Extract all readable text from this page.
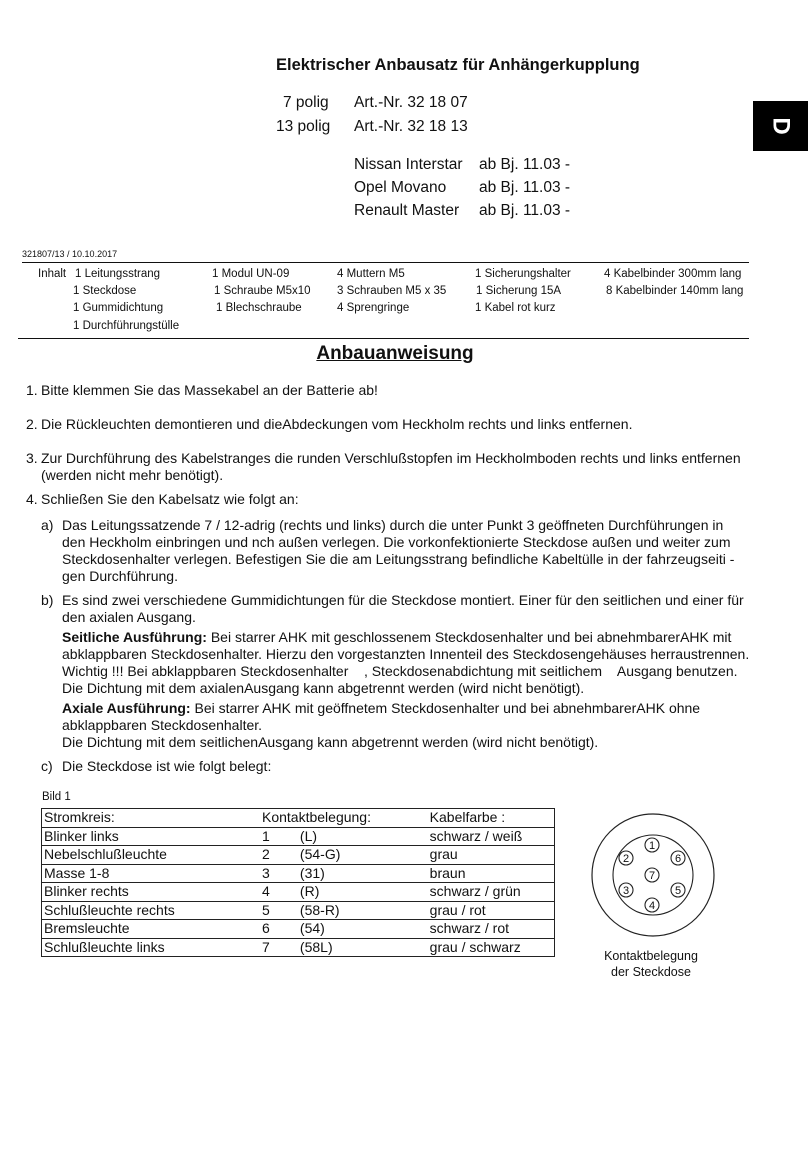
Elektrischer Anbausatz für Anhängerkupplung
7 polig Art.-Nr. 32 18 07
13 polig Art.-Nr. 32 18 13
Nissan Interstar ab Bj. 11.03 -
Opel Movano ab Bj. 11.03 -
Renault Master ab Bj. 11.03 -
D
321807/13 / 10.10.2017
Inhalt 1 Leitungsstrang
1 Steckdose
1 Gummidichtung
1 Durchführungstülle
1 Modul UN-09
1 Schraube M5x10
1 Blechschraube
4 Muttern M5
3 Schrauben M5 x 35
4 Sprengringe
1 Sicherungshalter
1 Sicherung 15A
1 Kabel rot kurz
4 Kabelbinder 300mm lang
8 Kabelbinder 140mm lang
Anbauanweisung
1. Bitte klemmen Sie das Massekabel an der Batterie ab!
2. Die Rückleuchten demontieren und dieAbdeckungen vom Heckholm rechts und links entfernen.
3. Zur Durchführung des Kabelstranges die runden Verschlußstopfen im Heckholmboden rechts und links entfernen
(werden nicht mehr benötigt).
4. Schließen Sie den Kabelsatz wie folgt an:
a) Das Leitungssatzende 7 / 12-adrig (rechts und links) durch die unter Punkt 3 geöffneten Durchführungen in
den Heckholm einbringen und nch außen verlegen. Die vorkonfektionierte Steckdose außen und weiter zum
Steckdosenhalter verlegen. Befestigen Sie die am Leitungsstrang befindliche Kabeltülle in der fahrzeugseiti -
gen Durchführung.
b) Es sind zwei verschiedene Gummidichtungen für die Steckdose montiert. Einer für den seitlichen und einer für
den axialen Ausgang.
Seitliche Ausführung: Bei starrer AHK mit geschlossenem Steckdosenhalter und bei abnehmbarerAHK mit
abklappbaren Steckdosenhalter. Hierzu den vorgestanzten Innenteil des Steckdosengehäuses herraustrennen.
Wichtig !!! Bei abklappbaren Steckdosenhalter    , Steckdosenabdichtung mit seitlichem    Ausgang benutzen.
Die Dichtung mit dem axialenAusgang kann abgetrennt werden (wird nicht benötigt).
Axiale Ausführung: Bei starrer AHK mit geöffnetem Steckdosenhalter und bei abnehmbarerAHK ohne
abklappbaren Steckdosenhalter.
Die Dichtung mit dem seitlichenAusgang kann abgetrennt werden (wird nicht benötigt).
c) Die Steckdose ist wie folgt belegt:
Bild 1
Stromkreis:	Kontaktbelegung:	Kabelfarbe :
Blinker links	1	(L)	schwarz / weiß
Nebelschlußleuchte	2	(54-G)	grau
Masse 1-8	3	(31)	braun
Blinker rechts	4	(R)	schwarz / grün
Schlußleuchte rechts	5	(58-R)	grau / rot
Bremsleuchte	6	(54)	schwarz / rot
Schlußleuchte links	7	(58L)	grau / schwarz
1
2
3
4
5
6
7
Kontaktbelegung
der Steckdose
